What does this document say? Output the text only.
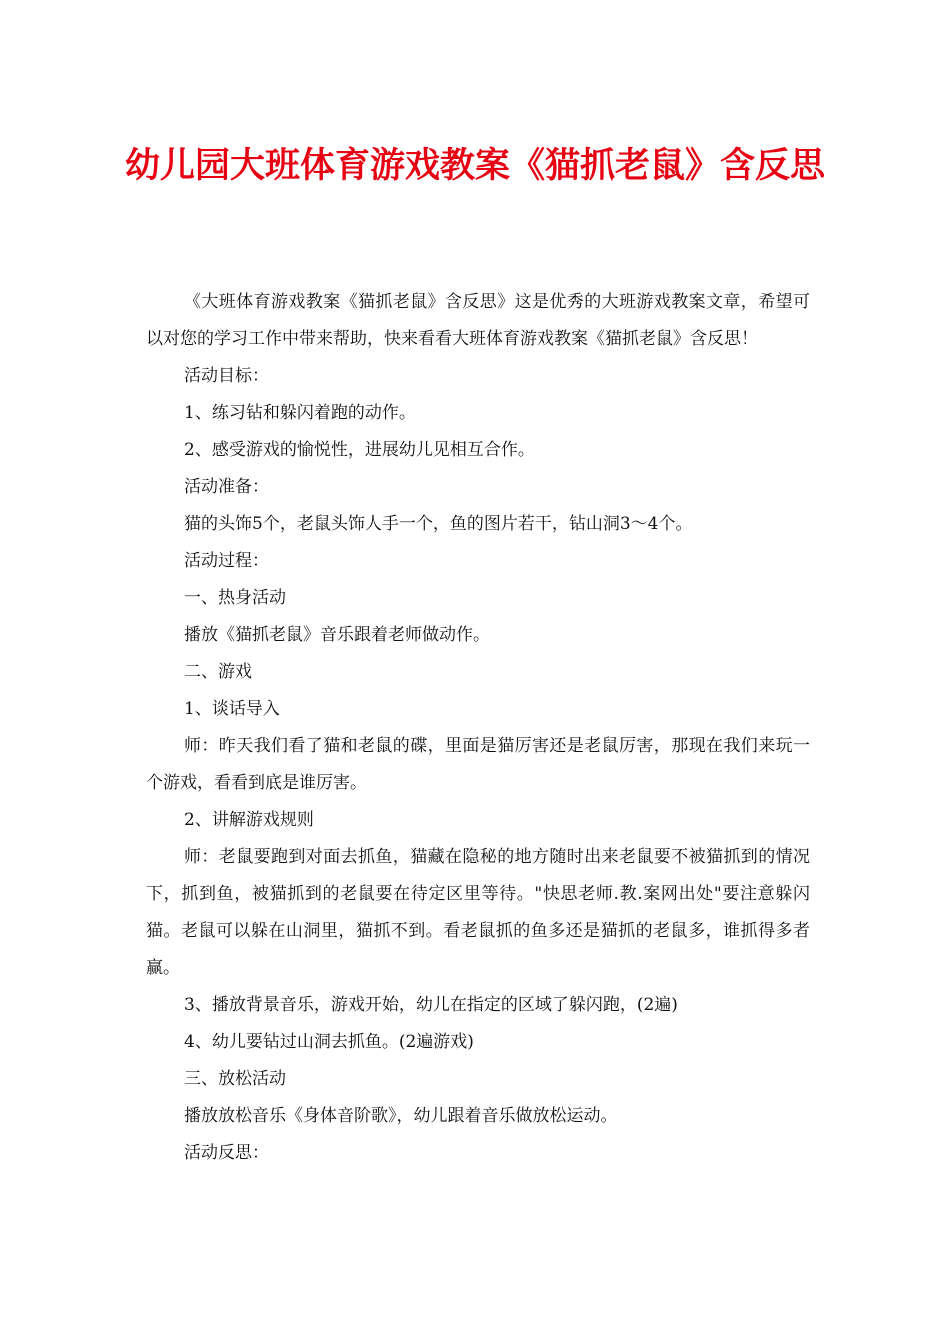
幼儿园大班体育游戏教案《猫抓老鼠》含反思

《大班体育游戏教案《猫抓老鼠》含反思》这是优秀的大班游戏教案文章，希望可以对您的学习工作中带来帮助，快来看看大班体育游戏教案《猫抓老鼠》含反思！

活动目标：

1、练习钻和躲闪着跑的动作。

2、感受游戏的愉悦性，进展幼儿见相互合作。

活动准备：

猫的头饰5个，老鼠头饰人手一个，鱼的图片若干，钻山洞3～4个。

活动过程：

一、热身活动

播放《猫抓老鼠》音乐跟着老师做动作。

二、游戏

1、谈话导入

师：昨天我们看了猫和老鼠的碟，里面是猫厉害还是老鼠厉害，那现在我们来玩一个游戏，看看到底是谁厉害。

2、讲解游戏规则

师：老鼠要跑到对面去抓鱼，猫藏在隐秘的地方随时出来老鼠要不被猫抓到的情况下，抓到鱼，被猫抓到的老鼠要在待定区里等待。"快思老师.教.案网出处"要注意躲闪猫。老鼠可以躲在山洞里，猫抓不到。看老鼠抓的鱼多还是猫抓的老鼠多，谁抓得多者赢。

3、播放背景音乐，游戏开始，幼儿在指定的区域了躲闪跑，(2遍)

4、幼儿要钻过山洞去抓鱼。(2遍游戏)

三、放松活动

播放放松音乐《身体音阶歌》，幼儿跟着音乐做放松运动。

活动反思：
